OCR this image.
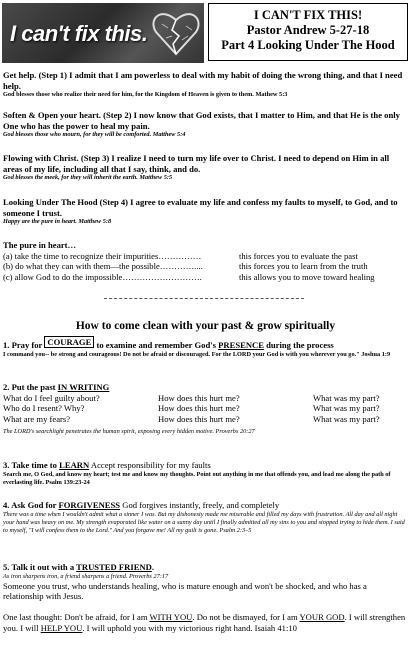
I can't fix this.
I CAN'T FIX THIS!
Pastor Andrew 5-27-18
Part 4 Looking Under The Hood
Get help. (Step 1) I admit that I am powerless to deal with my habit of doing the wrong thing, and that I need help.
God blesses those who realize their need for him, for the Kingdom of Heaven is given to them. Mathew 5:3
Soften & Open your heart. (Step 2) I now know that God exists, that I matter to Him, and that He is the only One who has the power to heal my pain.
God blesses those who mourn, for they will be comforted. Matthew 5:4
Flowing with Christ. (Step 3) I realize I need to turn my life over to Christ. I need to depend on Him in all areas of my life, including all that I say, think, and do.
God blesses the meek, for they will inherit the earth. Matthew 5:5
Looking Under The Hood (Step 4) I agree to evaluate my life and confess my faults to myself, to God, and to someone I trust.
Happy are the pure in heart. Matthew 5:8
The pure in heart…
(a) take the time to recognize their impurities……………	this forces you to evaluate the past
(b) do what they can with them—the possible…………....	this forces you to learn from the truth
(c) allow God to do the impossible……………………….	this allows you to move toward healing
How to come clean with your past & grow spiritually
1. Pray for COURAGE to examine and remember God's PRESENCE during the process
I command you-- be strong and courageous! Do not be afraid or discouraged. For the LORD your God is with you wherever you go." Joshua 1:9
2. Put the past IN WRITING
What do I feel guilty about?	How does this hurt me?	What was my part?
Who do I resent? Why?	How does this hurt me?	What was my part?
What are my fears?	How does this hurt me?	What was my part?
The LORD's searchlight penetrates the human spirit, exposing every hidden motive. Proverbs 20:27
3. Take time to LEARN Accept responsibility for my faults
Search me, O God, and know my heart; test me and know my thoughts. Point out anything in me that offends you, and lead me along the path of everlasting life. Psalm 139:23-24
4. Ask God for FORGIVENESS God forgives instantly, freely, and completely
There was a time when I wouldn't admit what a sinner I was. But my dishonesty made me miserable and filled my days with frustration. All day and all night your hand was heavy on me. My strength evaporated like water on a sunny day until I finally admitted all my sins to you and stopped trying to hide them. I said to myself, "I will confess them to the Lord." And you forgave me! All my guilt is gone. Psalm 2:3–5
5. Talk it out with a TRUSTED FRIEND.
As iron sharpens iron, a friend sharpens a friend. Proverbs 27:17
Someone you trust, who understands healing, who is mature enough and won't be shocked, and who has a relationship with Jesus.
One last thought: Don't be afraid, for I am WITH YOU. Do not be dismayed, for I am YOUR GOD. I will strengthen you. I will HELP YOU. I will uphold you with my victorious right hand. Isaiah 41:10
